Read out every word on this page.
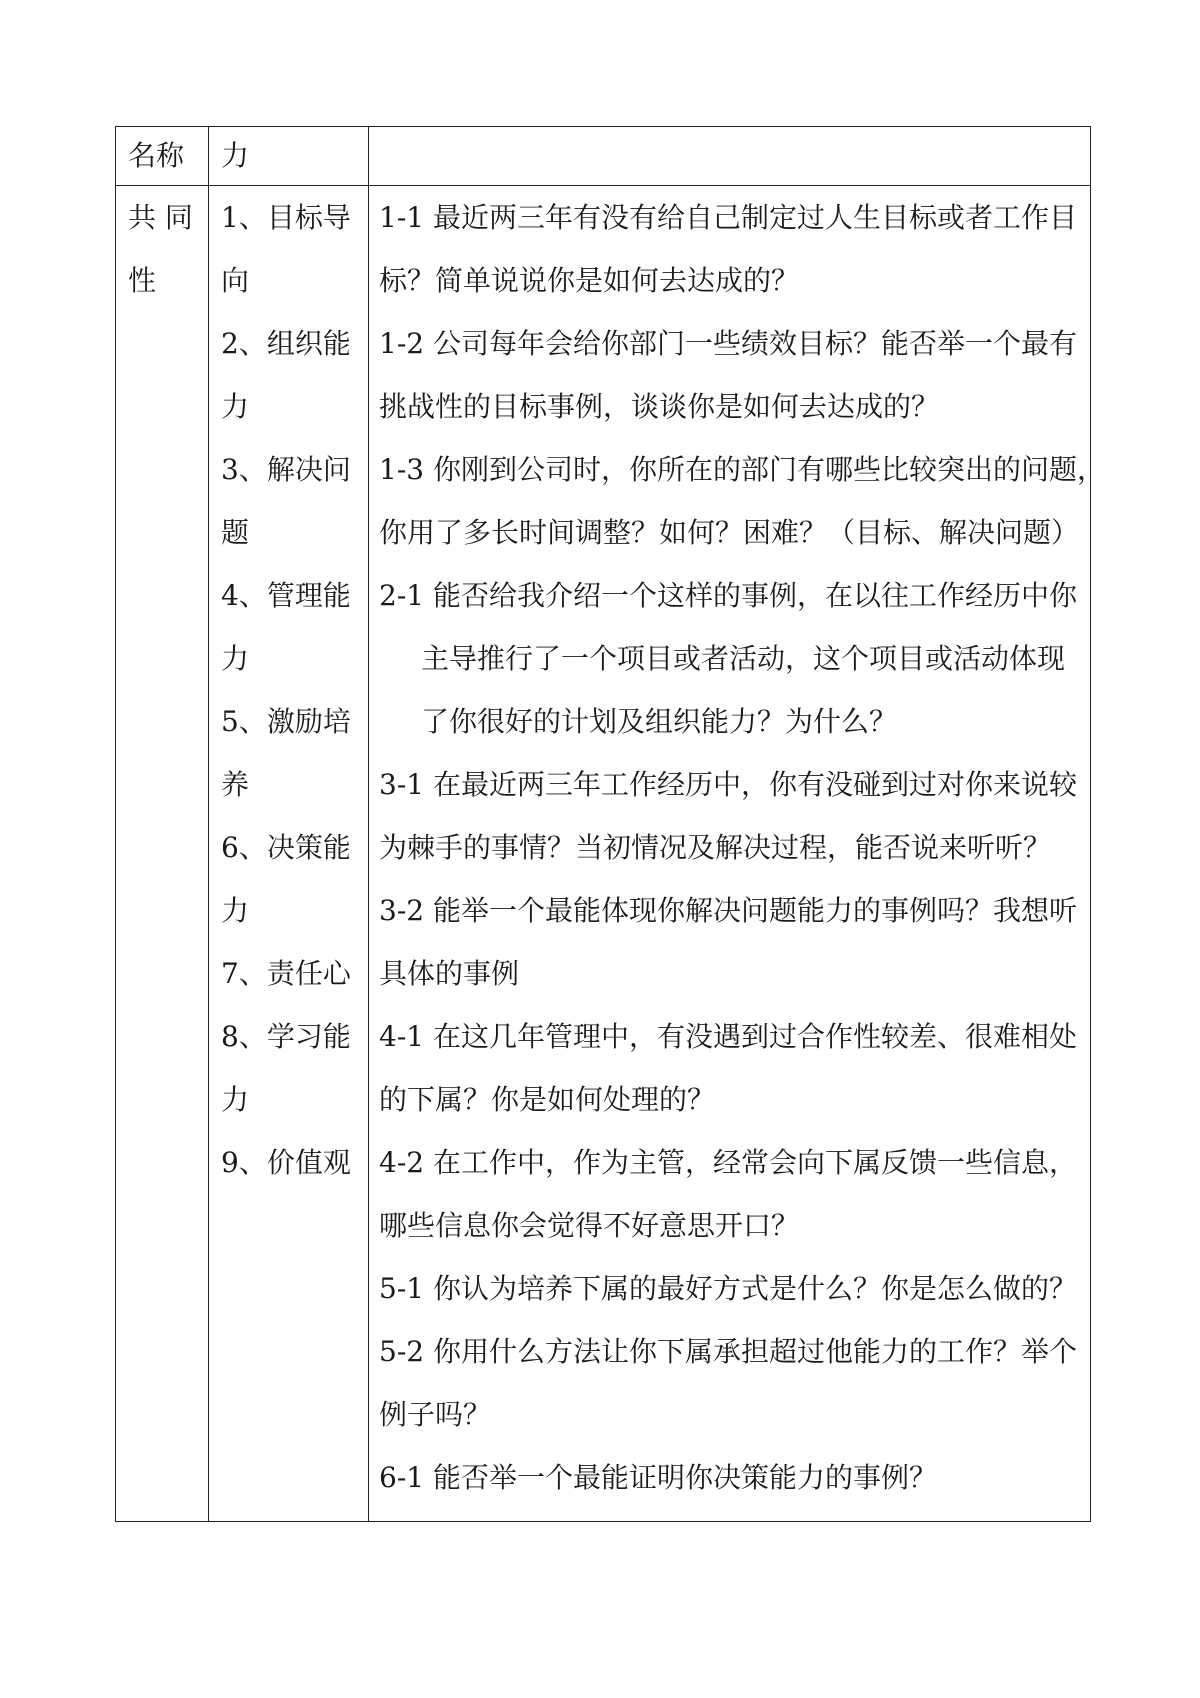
名称	力
共 同
性
1、目标导
向
2、组织能
力
3、解决问
题
4、管理能
力
5、激励培
养
6、决策能
力
7、责任心
8、学习能
力
9、价值观
1-1 最近两三年有没有给自己制定过人生目标或者工作目
标？简单说说你是如何去达成的？
1-2 公司每年会给你部门一些绩效目标？能否举一个最有
挑战性的目标事例，谈谈你是如何去达成的？
1-3 你刚到公司时，你所在的部门有哪些比较突出的问题，
你用了多长时间调整？如何？困难？（目标、解决问题）
2-1 能否给我介绍一个这样的事例，在以往工作经历中你
主导推行了一个项目或者活动，这个项目或活动体现
了你很好的计划及组织能力？为什么？
3-1 在最近两三年工作经历中，你有没碰到过对你来说较
为棘手的事情？当初情况及解决过程，能否说来听听？
3-2 能举一个最能体现你解决问题能力的事例吗？我想听
具体的事例
4-1 在这几年管理中，有没遇到过合作性较差、很难相处
的下属？你是如何处理的？
4-2 在工作中，作为主管，经常会向下属反馈一些信息，
哪些信息你会觉得不好意思开口？
5-1 你认为培养下属的最好方式是什么？你是怎么做的？
5-2 你用什么方法让你下属承担超过他能力的工作？举个
例子吗？
6-1 能否举一个最能证明你决策能力的事例？
